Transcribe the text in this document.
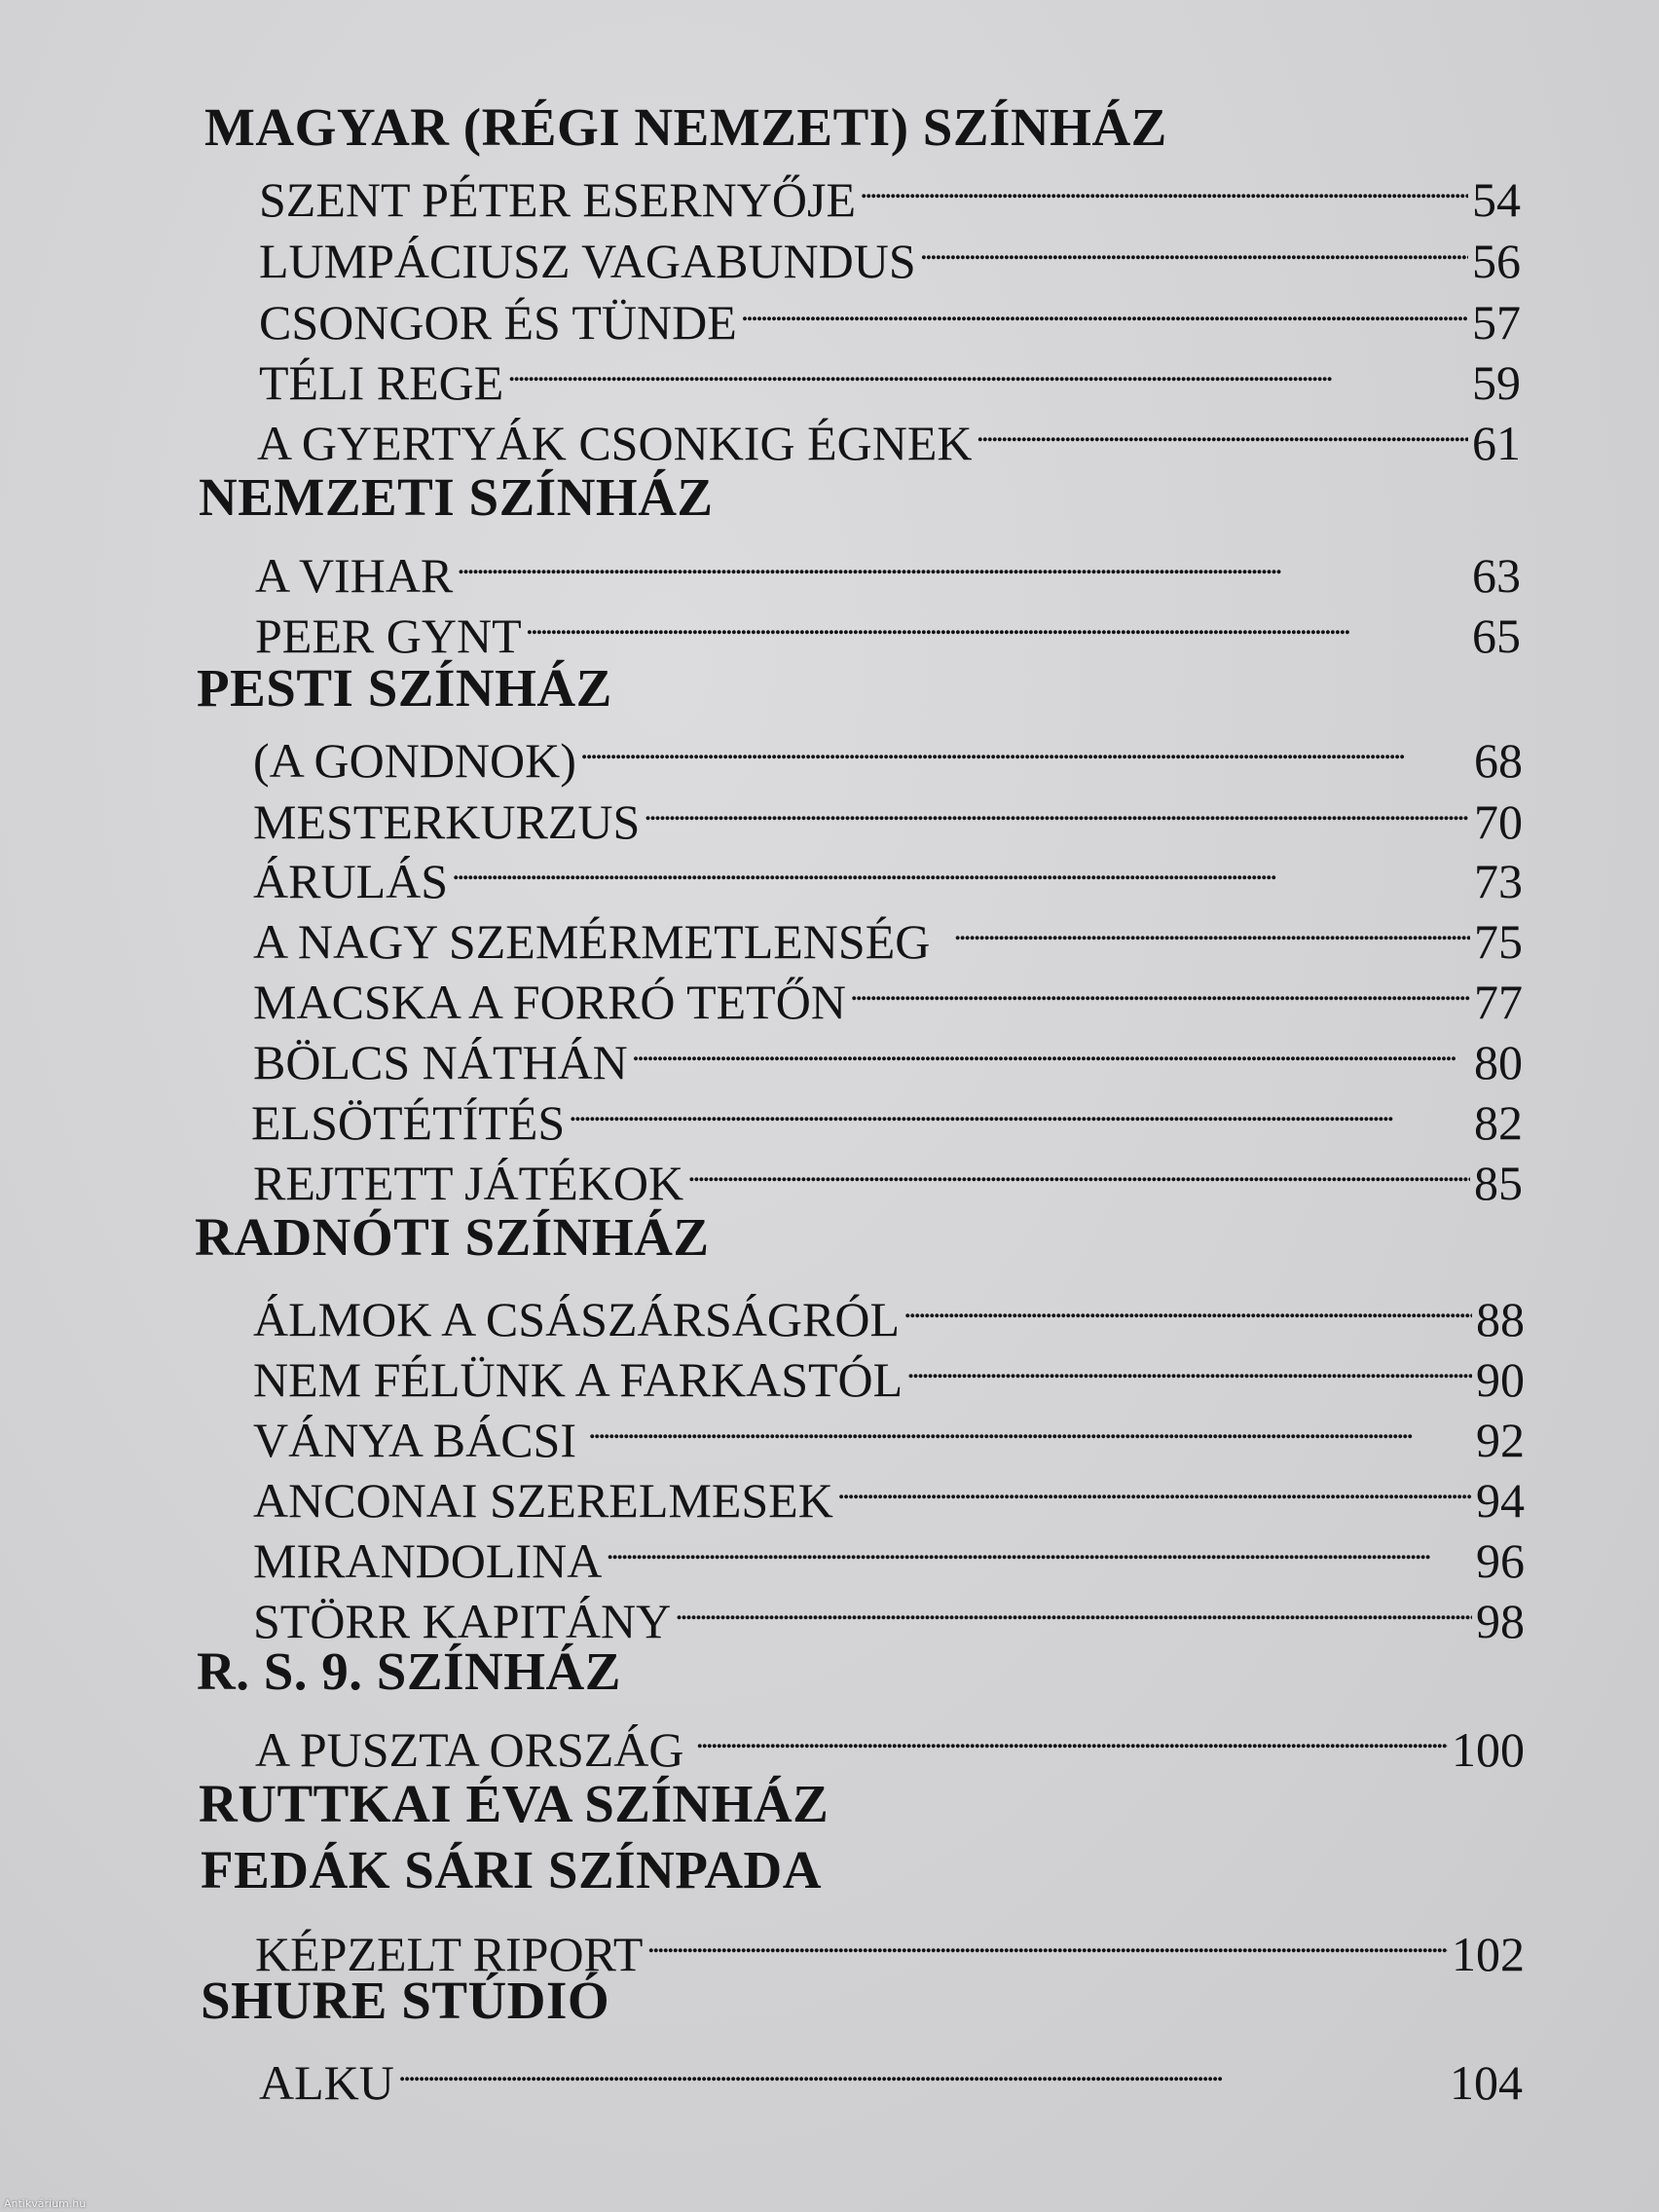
MAGYAR (RÉGI NEMZETI) SZÍNHÁZ
SZENT PÉTER ESERNYŐJE . . .	54
LUMPÁCIUSZ VAGABUNDUS . . .	56
CSONGOR ÉS TÜNDE . . .	57
TÉLI REGE . . .	59
A GYERTYÁK CSONKIG ÉGNEK . . .	61
NEMZETI SZÍNHÁZ
A VIHAR . . .	63
PEER GYNT . . .	65
PESTI SZÍNHÁZ
(A GONDNOK) . . .	68
MESTERKURZUS . . .	70
ÁRULÁS . . .	73
A NAGY SZEMÉRMETLENSÉG . . .	75
MACSKA A FORRÓ TETŐN . . .	77
BÖLCS NÁTHÁN . . .	80
ELSÖTÉTÍTÉS . . .	82
REJTETT JÁTÉKOK . . .	85
RADNÓTI SZÍNHÁZ
ÁLMOK A CSÁSZÁRSÁGRÓL . . .	88
NEM FÉLÜNK A FARKASTÓL . . .	90
VÁNYA BÁCSI . . .	92
ANCONAI SZERELMESEK . . .	94
MIRANDOLINA . . .	96
STÖRR KAPITÁNY . . .	98
R. S. 9. SZÍNHÁZ
A PUSZTA ORSZÁG . . .	100
RUTTKAI ÉVA SZÍNHÁZ
FEDÁK SÁRI SZÍNPADA
KÉPZELT RIPORT . . .	102
SHURE STÚDIÓ
ALKU . . .	104
Antikvárium.hu
